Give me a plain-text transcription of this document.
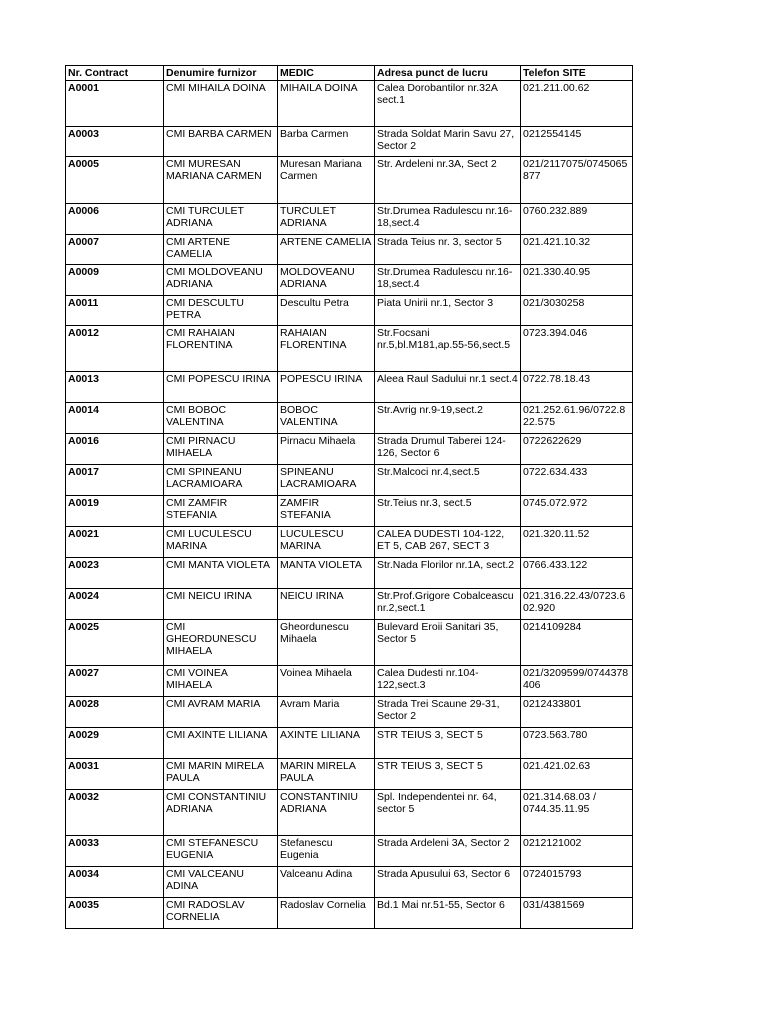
Nr. Contract	Denumire furnizor	MEDIC	Adresa punct de lucru	Telefon SITE
A0001	CMI MIHAILA DOINA	MIHAILA DOINA	Calea Dorobantilor nr.32A sect.1	021.211.00.62
A0003	CMI BARBA CARMEN	Barba Carmen	Strada Soldat Marin Savu 27, Sector 2	0212554145
A0005	CMI MURESAN MARIANA CARMEN	Muresan Mariana Carmen	Str. Ardeleni nr.3A, Sect 2	021/2117075/0745065877
A0006	CMI TURCULET ADRIANA	TURCULET ADRIANA	Str.Drumea Radulescu nr.16-18,sect.4	0760.232.889
A0007	CMI ARTENE CAMELIA	ARTENE CAMELIA	Strada Teius nr. 3, sector 5	021.421.10.32
A0009	CMI MOLDOVEANU ADRIANA	MOLDOVEANU ADRIANA	Str.Drumea Radulescu nr.16-18,sect.4	021.330.40.95
A0011	CMI DESCULTU PETRA	Descultu Petra	Piata Unirii nr.1, Sector 3	021/3030258
A0012	CMI RAHAIAN FLORENTINA	RAHAIAN FLORENTINA	Str.Focsani nr.5,bl.M181,ap.55-56,sect.5	0723.394.046
A0013	CMI POPESCU IRINA	POPESCU IRINA	Aleea Raul Sadului nr.1 sect.4	0722.78.18.43
A0014	CMI BOBOC VALENTINA	BOBOC VALENTINA	Str.Avrig nr.9-19,sect.2	021.252.61.96/0722.822.575
A0016	CMI PIRNACU MIHAELA	Pirnacu Mihaela	Strada Drumul Taberei 124-126, Sector 6	0722622629
A0017	CMI SPINEANU LACRAMIOARA	SPINEANU LACRAMIOARA	Str.Malcoci nr.4,sect.5	0722.634.433
A0019	CMI ZAMFIR STEFANIA	ZAMFIR STEFANIA	Str.Teius nr.3, sect.5	0745.072.972
A0021	CMI LUCULESCU MARINA	LUCULESCU MARINA	CALEA DUDESTI 104-122, ET 5, CAB 267, SECT 3	021.320.11.52
A0023	CMI MANTA VIOLETA	MANTA VIOLETA	Str.Nada Florilor nr.1A, sect.2	0766.433.122
A0024	CMI NEICU IRINA	NEICU IRINA	Str.Prof.Grigore Cobalceascu nr.2,sect.1	021.316.22.43/0723.602.920
A0025	CMI GHEORDUNESCU MIHAELA	Gheordunescu Mihaela	Bulevard Eroii Sanitari 35, Sector 5	0214109284
A0027	CMI VOINEA MIHAELA	Voinea Mihaela	Calea Dudesti nr.104-122,sect.3	021/3209599/0744378406
A0028	CMI AVRAM MARIA	Avram Maria	Strada Trei Scaune 29-31, Sector 2	0212433801
A0029	CMI AXINTE LILIANA	AXINTE LILIANA	STR TEIUS 3, SECT 5	0723.563.780
A0031	CMI MARIN MIRELA PAULA	MARIN MIRELA PAULA	STR TEIUS 3, SECT 5	021.421.02.63
A0032	CMI CONSTANTINIU ADRIANA	CONSTANTINIU ADRIANA	Spl. Independentei nr. 64, sector 5	021.314.68.03 / 0744.35.11.95
A0033	CMI STEFANESCU EUGENIA	Stefanescu Eugenia	Strada Ardeleni 3A, Sector 2	0212121002
A0034	CMI VALCEANU ADINA	Valceanu Adina	Strada Apusului 63, Sector 6	0724015793
A0035	CMI RADOSLAV CORNELIA	Radoslav Cornelia	Bd.1 Mai nr.51-55, Sector 6	031/4381569
